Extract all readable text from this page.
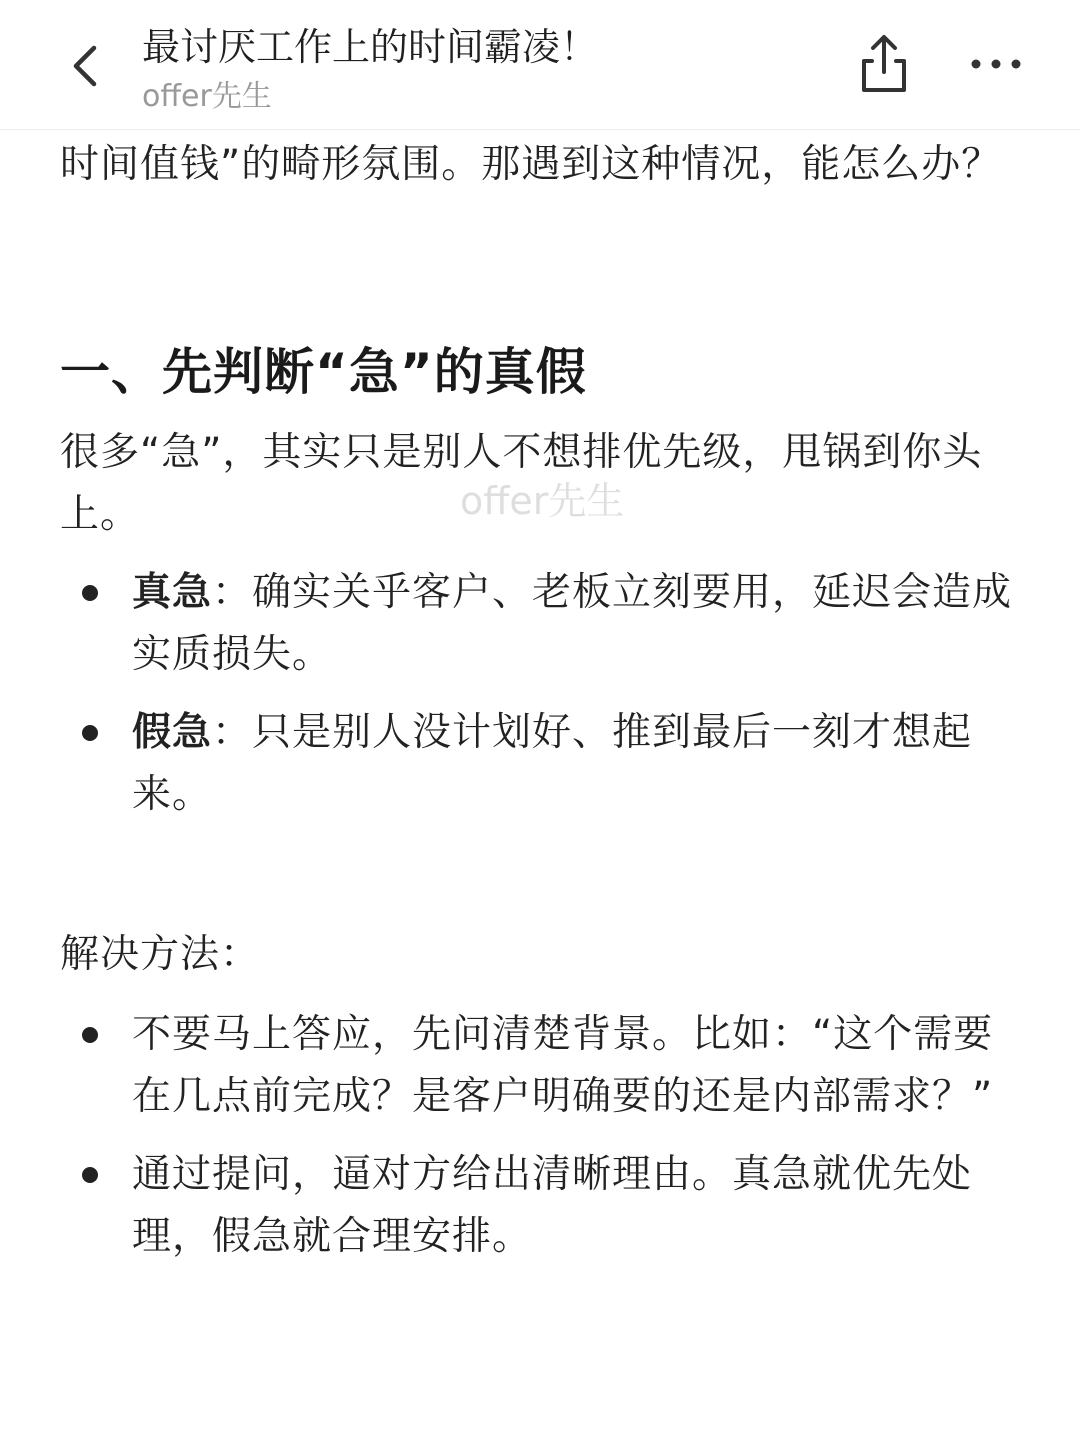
最讨厌工作上的时间霸凌！
offer先生

时间值钱”的畸形氛围。那遇到这种情况，能怎么办？

一、先判断“急”的真假

很多“急”，其实只是别人不想排优先级，甩锅到你头上。

真急：确实关乎客户、老板立刻要用，延迟会造成实质损失。
假急：只是别人没计划好、推到最后一刻才想起来。

解决方法：

不要马上答应，先问清楚背景。比如：“这个需要在几点前完成？是客户明确要的还是内部需求？”
通过提问，逼对方给出清晰理由。真急就优先处理，假急就合理安排。
offer先生
